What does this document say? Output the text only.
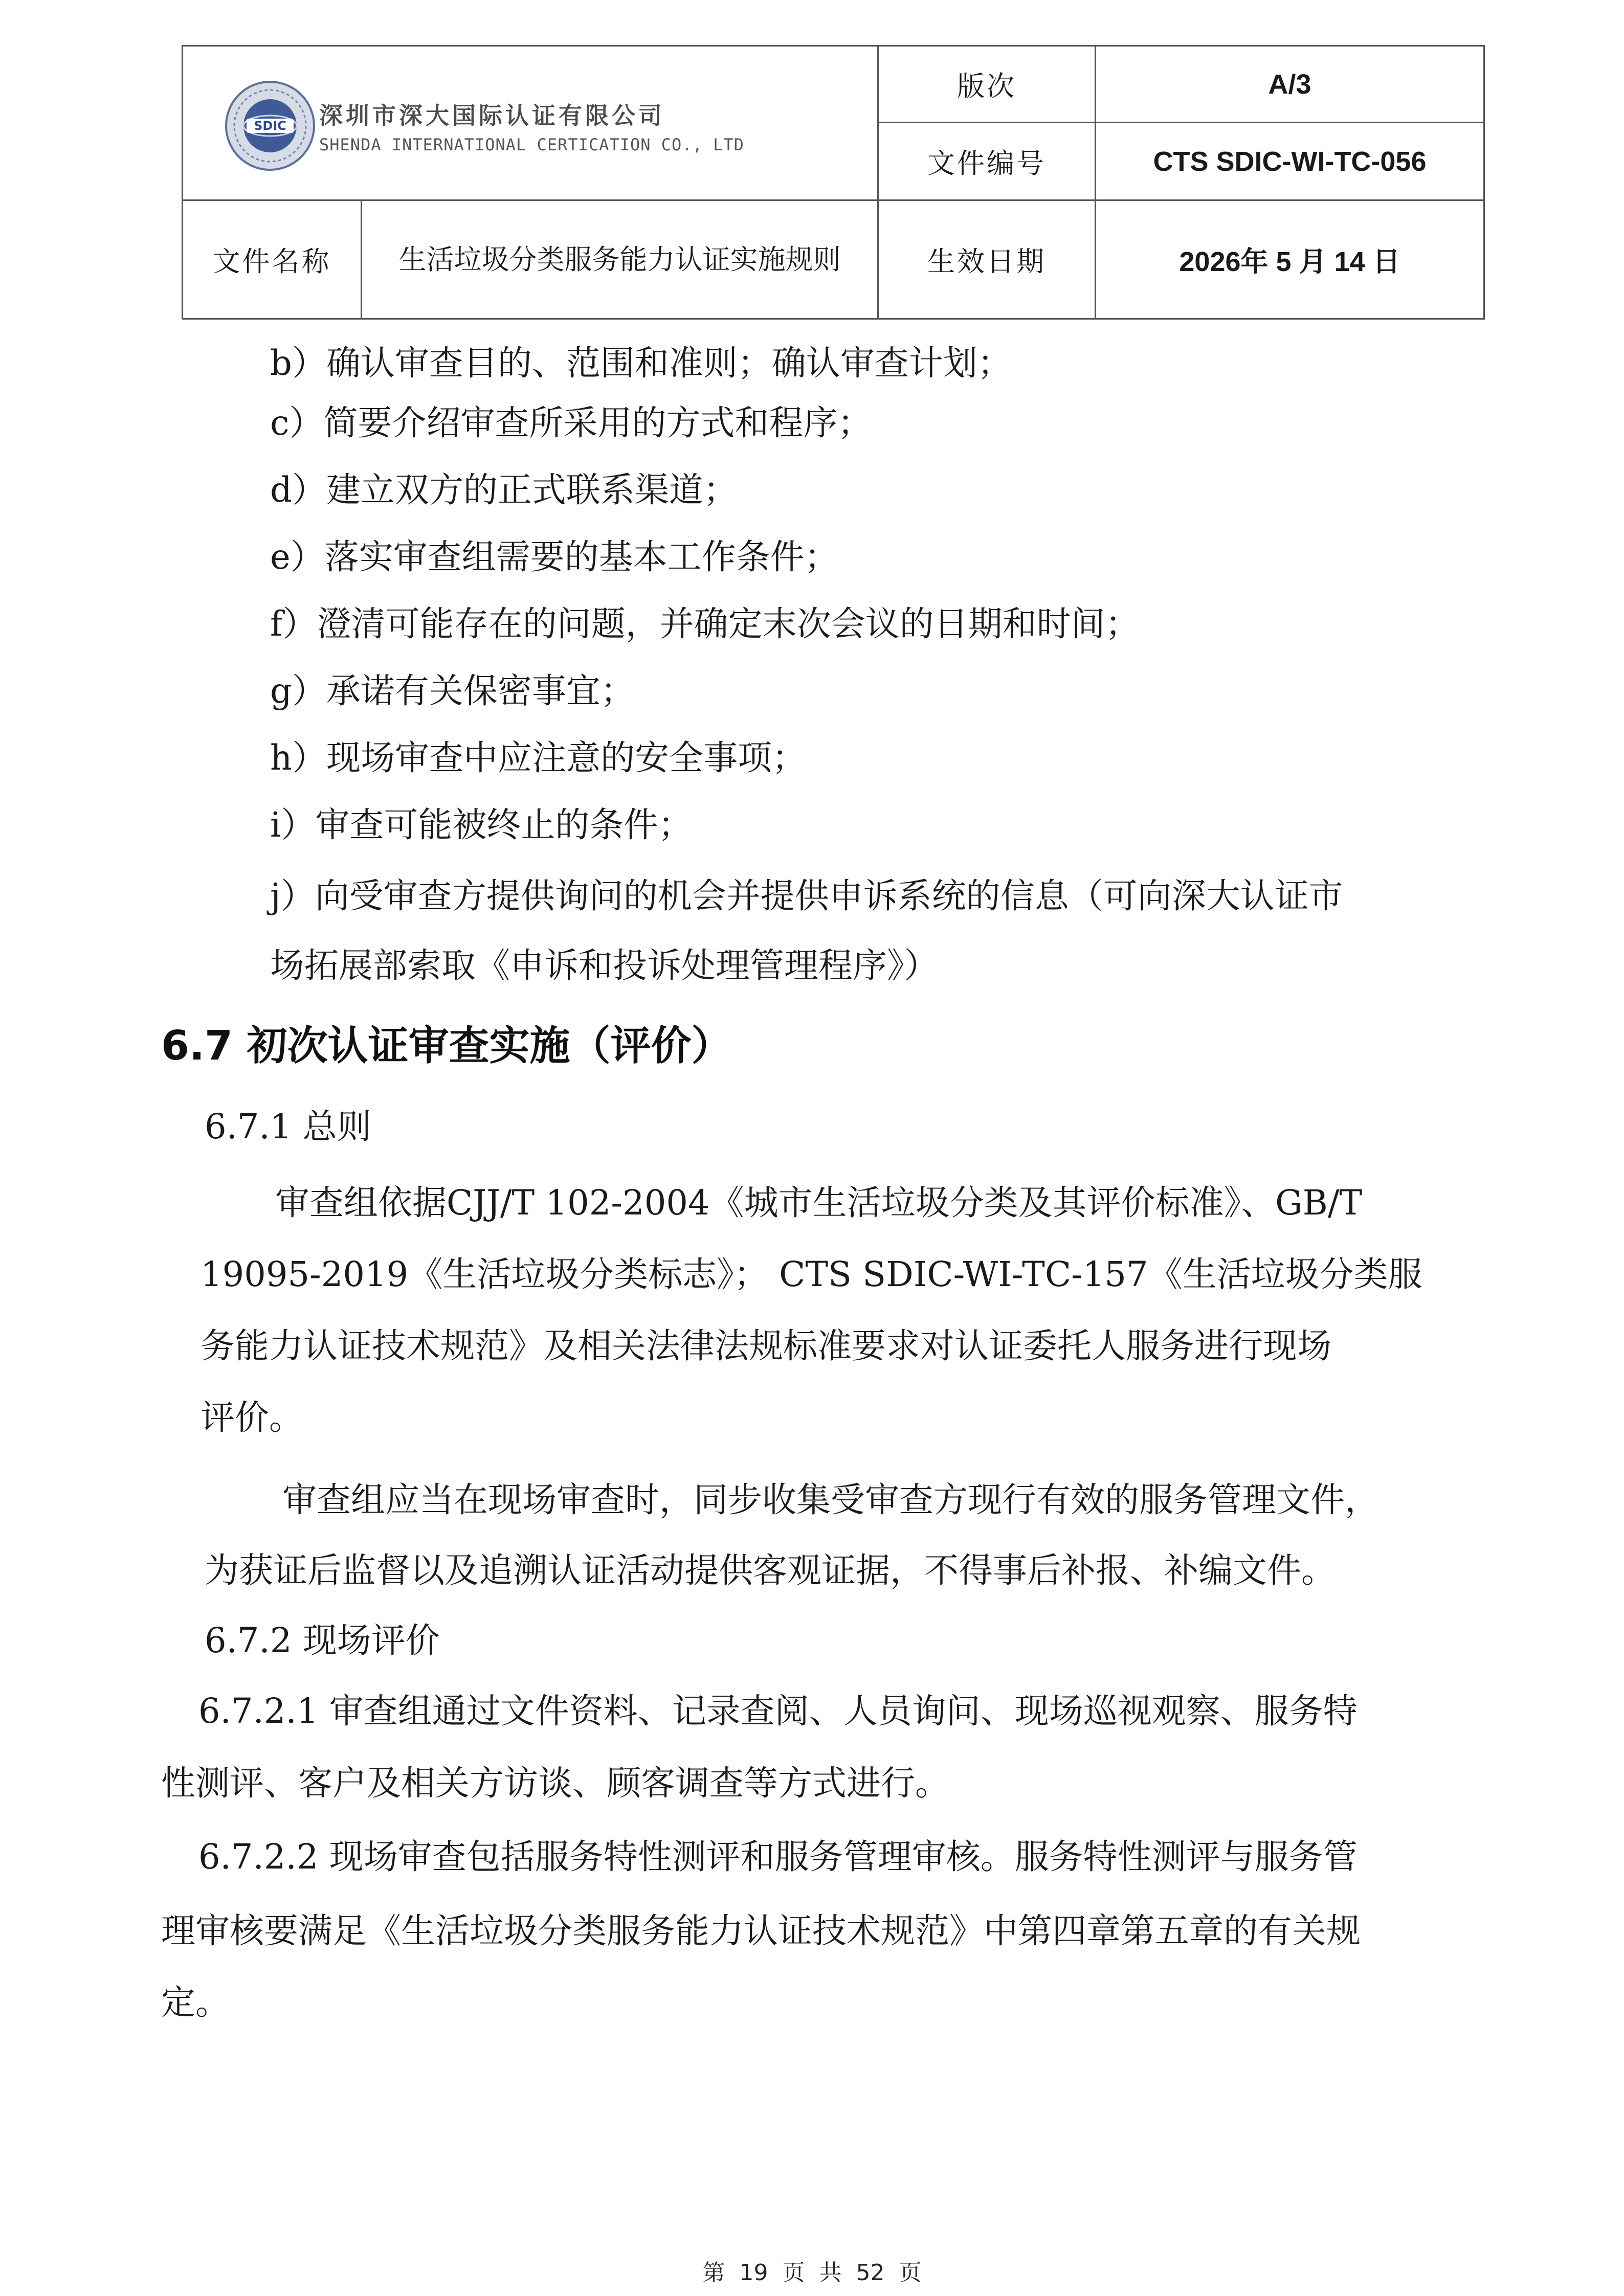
SDIC 深圳市深大国际认证有限公司
SHENDA INTERNATIONAL CERTICATION CO., LTD		版次	A/3
		文件编号	CTS SDIC-WI-TC-056
文件名称	生活垃圾分类服务能力认证实施规则	生效日期	2026年 5 月 14 日
b）确认审查目的、范围和准则；确认审查计划；
c）简要介绍审查所采用的方式和程序；
d）建立双方的正式联系渠道；
e）落实审查组需要的基本工作条件；
f）澄清可能存在的问题，并确定末次会议的日期和时间；
g）承诺有关保密事宜；
h）现场审查中应注意的安全事项；
i）审查可能被终止的条件；
j）向受审查方提供询问的机会并提供申诉系统的信息（可向深大认证市
场拓展部索取《申诉和投诉处理管理程序》）
6.7 初次认证审查实施（评价）
6.7.1 总则
审查组依据CJJ/T 102-2004《城市生活垃圾分类及其评价标准》、GB/T
19095-2019《生活垃圾分类标志》； CTS SDIC-WI-TC-157《生活垃圾分类服
务能力认证技术规范》及相关法律法规标准要求对认证委托人服务进行现场
评价。
审查组应当在现场审查时，同步收集受审查方现行有效的服务管理文件，
为获证后监督以及追溯认证活动提供客观证据，不得事后补报、补编文件。
6.7.2 现场评价
6.7.2.1 审查组通过文件资料、记录查阅、人员询问、现场巡视观察、服务特
性测评、客户及相关方访谈、顾客调查等方式进行。
6.7.2.2 现场审查包括服务特性测评和服务管理审核。服务特性测评与服务管
理审核要满足《生活垃圾分类服务能力认证技术规范》中第四章第五章的有关规
定。
第 19 页 共 52 页
